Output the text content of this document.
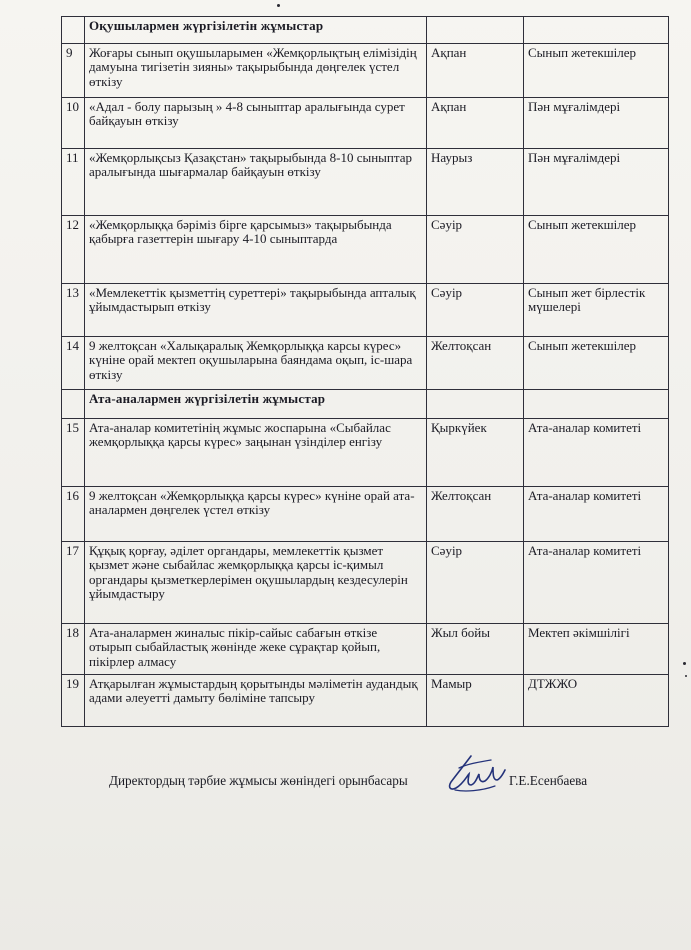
	Оқушылармен жүргізілетін жұмыстар		
9	Жоғары сынып оқушыларымен «Жемқорлықтың елімізідің дамуына тигізетін зияны» тақырыбында дөңгелек үстел өткізу	Ақпан	Сынып жетекшілер
10	«Адал - болу парызың » 4-8 сыныптар аралығында сурет байқауын өткізу	Ақпан	Пән мұғалімдері
11	«Жемқорлықсыз Қазақстан» тақырыбында 8-10 сыныптар аралығында шығармалар байқауын өткізу	Наурыз	Пән мұғалімдері
12	«Жемқорлыққа бәріміз бірге қарсымыз» тақырыбында қабырға газеттерін шығару 4-10 сыныптарда	Сәуір	Сынып жетекшілер
13	«Мемлекеттік қызметтің суреттері» тақырыбында апталық ұйымдастырып өткізу	Сәуір	Сынып жет бірлестік мүшелері
14	9 желтоқсан «Халықаралық Жемқорлыққа карсы күрес» күніне орай мектеп оқушыларына баяндама оқып, іс-шара өткізу	Желтоқсан	Сынып жетекшілер
	Ата-аналармен жүргізілетін жұмыстар		
15	Ата-аналар комитетінің жұмыс жоспарына «Сыбайлас жемқорлыққа қарсы күрес» заңынан үзінділер енгізу	Қыркүйек	Ата-аналар комитеті
16	9 желтоқсан «Жемқорлыққа қарсы күрес» күніне орай ата-аналармен дөңгелек үстел өткізу	Желтоқсан	Ата-аналар комитеті
17	Құқық қорғау, әділет органдары, мемлекеттік қызмет қызмет және сыбайлас жемқорлыққа қарсы іс-қимыл органдары қызметкерлерімен оқушылардың кездесулерін ұйымдастыру	Сәуір	Ата-аналар комитеті
18	Ата-аналармен жиналыс пікір-сайыс сабағын өткізе отырып сыбайластық жөнінде жеке сұрақтар қойып, пікірлер алмасу	Жыл бойы	Мектеп әкімшілігі
19	Атқарылған жұмыстардың қорытынды мәліметін аудандық адами әлеуетті дамыту бөліміне тапсыру	Мамыр	ДТЖЖО
Директордың тәрбие жұмысы жөніндегі орынбасары	Г.Е.Есенбаева
